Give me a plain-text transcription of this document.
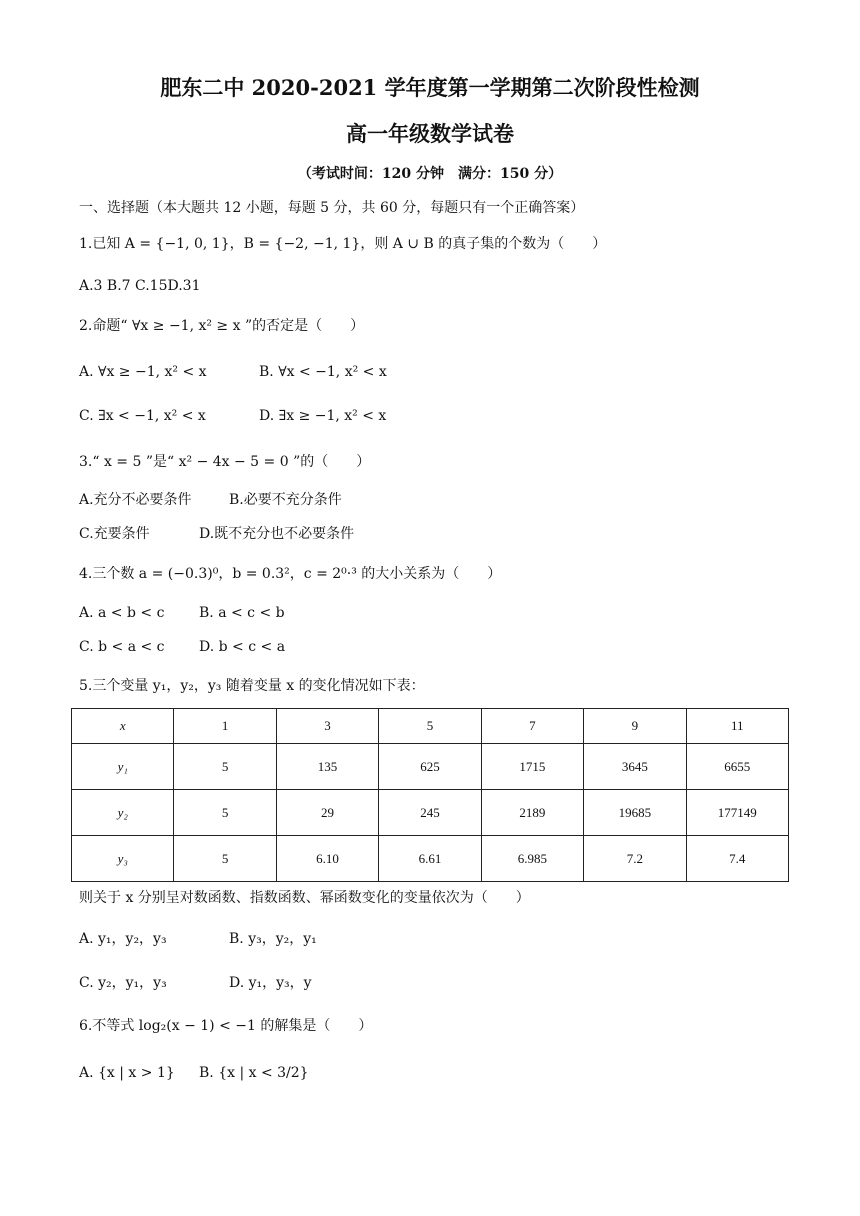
肥东二中 2020-2021 学年度第一学期第二次阶段性检测
高一年级数学试卷
（考试时间：120 分钟　满分：150 分）
一、选择题（本大题共 12 小题，每题 5 分，共 60 分，每题只有一个正确答案）
1.已知 A = {−1, 0, 1}，B = {−2, −1, 1}，则 A ∪ B 的真子集的个数为（　　）
A.3 B.7 C.15D.31
2.命题“ ∀x ≥ −1, x² ≥ x ”的否定是（　　）
A. ∀x ≥ −1, x² < x	B. ∀x < −1, x² < x
C. ∃x < −1, x² < x	D. ∃x ≥ −1, x² < x
3.“ x = 5 ”是“ x² − 4x − 5 = 0 ”的（　　）
A.充分不必要条件	B.必要不充分条件
C.充要条件	D.既不充分也不必要条件
4.三个数 a = (−0.3)⁰，b = 0.3²，c = 2⁰·³ 的大小关系为（　　）
A. a < b < c B. a < c < b
C. b < a < c D. b < c < a
5.三个变量 y₁，y₂，y₃ 随着变量 x 的变化情况如下表：
x	1	3	5	7	9	11
y₁	5	135	625	1715	3645	6655
y₂	5	29	245	2189	19685	177149
y₃	5	6.10	6.61	6.985	7.2	7.4
则关于 x 分别呈对数函数、指数函数、幂函数变化的变量依次为（　　）
A. y₁，y₂，y₃	B. y₃，y₂，y₁
C. y₂，y₁，y₃	D. y₁，y₃，y
6.不等式 log₂(x − 1) < −1 的解集是（　　）
A. {x | x > 1} B. {x | x < 3/2}
